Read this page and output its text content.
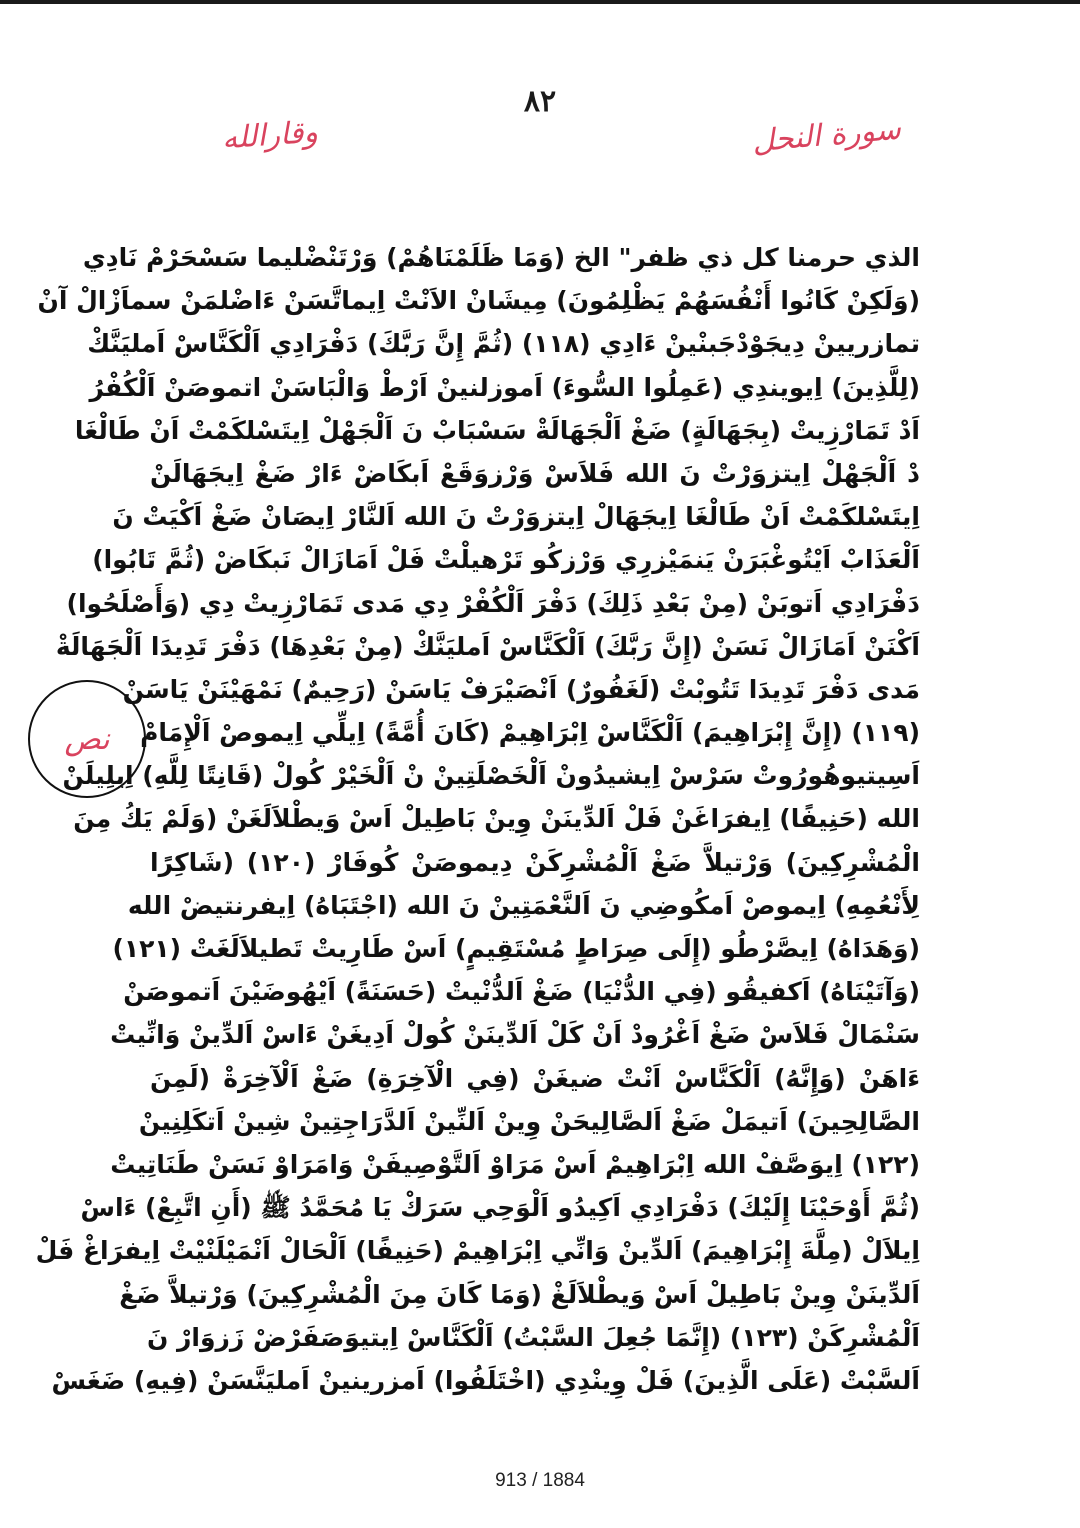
٨٢
وقارالله	سورة النحل
نص
الذي حرمنا كل ذي ظفر" الخ (وَمَا ظَلَمْنَاهُمْ) وَرْتَنْضْليما سَسْحَرْمْ نَادِي
(وَلَكِنْ كَانُوا أَنْفُسَهُمْ يَظْلِمُونَ) مِيشَانْ الاَنْتْ اِيماتَّسَنْ ءَاضْلمَنْ سماَزْالْ آنْ
تمازريينْ دِيجَوْدْجَبنْينْ ءَادِي (١١٨) (ثُمَّ إِنَّ رَبَّكَ) دَفْرَادِي اَلْكَنَّاسْ اَمليَنَّكْ
(لِلَّذِينَ) اِيويندِي (عَمِلُوا السُّوءَ) اَموزلنينْ اَرْطْ وَالْبَاسَنْ اتموصَنْ اَلْكُفْرُ
اَدْ تَمَارْزِيتْ (بِجَهَالَةٍ) ضَغْ اَلْجَهَالَةْ سَسْبَابْ نَ اَلْجَهْلْ اِيتَسْلكَمْتْ اَنْ طَالْغَا
دْ اَلْجَهْلْ اِيتزوَرْتْ نَ الله فَلاَسْ وَرْزوَقَعْ اَبكَاضْ ءَارْ ضَغْ اِيجَهَالَنْ
اِيتَسْلكَمْتْ اَنْ طَالْغَا اِيجَهَالْ اِيتزوَرْتْ نَ الله اَلنَّارْ اِيصَانْ ضَغْ اَكْيَتْ نَ
اَلْعَذَابْ اَيْتُوغْبَرَنْ يَنمَيْزرِي وَرْزكُو تَرْهيلْتْ فَلْ اَمَازَالْ نَبكَاضْ (ثُمَّ تَابُوا)
دَفْرَادِي اَتوبَنْ (مِنْ بَعْدِ ذَلِكَ) دَفْرَ اَلْكُفْرْ دِي مَدى تَمَارْزِيتْ دِي (وَأَصْلَحُوا)
اَكْنَنْ اَمَازَالْ نَسَنْ (إِنَّ رَبَّكَ) اَلْكَنَّاسْ اَمليَنَّكْ (مِنْ بَعْدِهَا) دَفْرَ تَدِيدَا اَلْجَهَالَةْ
مَدى دَفْرَ تَدِيدَا تَتُوبْتْ (لَغَفُورٌ) اَنْصَيْرَفْ يَاسَنْ (رَحِيمٌ) نَمْهَيْنَنْ يَاسَنْ
(١١٩) (إِنَّ إِبْرَاهِيمَ) اَلْكَنَّاسْ اِبْرَاهِيمْ (كَانَ أُمَّةً) اِيلِّي اِيموصْ اَلْإِمَامْ
اَسِيتيوهُورُوتْ سَرْسْ اِيشيدُونْ اَلْخَصْلَتِينْ نْ اَلْخَيْرْ كُولْ (قَانِتًا لِلَّهِ) اِيلِيلَنْ
الله (حَنِيفًا) اِيفرَاغَنْ فَلْ اَلدِّينَنْ وِينْ بَاطِيلْ اَسْ وَيطْلاَلَغَنْ (وَلَمْ يَكُ مِنَ
الْمُشْرِكِينَ) وَرْتيلاَّ ضَغْ اَلْمُشْرِكَنْ دِيموصَنْ كُوفَارْ (١٢٠) (شَاكِرًا
لِأَنْعُمِهِ) اِيموصْ اَمكُوضِي نَ اَلنَّعْمَتِينْ نَ الله (اجْتَبَاهُ) اِيفرنتيضْ الله
(وَهَدَاهُ) اِيصَّرْطُو (إِلَى صِرَاطٍ مُسْتَقِيمٍ) اَسْ طَارِيتْ تَطيلاَلَغَتْ (١٢١)
(وَآتَيْنَاهُ) اَكفيقُو (فِي الدُّنْيَا) ضَغْ اَلدُّنْيتْ (حَسَنَةً) اَيْهُوضَيْنَ اَتموصَنْ
سَنْمَالْ فَلاَسْ ضَغْ اَغْرُودْ اَنْ كَلْ اَلدِّينَنْ كُولْ اَدِيغَنْ ءَاسْ اَلدِّينْ وَانِّيتْ
ءَاهَنْ (وَإِنَّهُ) اَلْكَنَّاسْ اَنْتْ ضيغَنْ (فِي الْآخِرَةِ) ضَغْ اَلْآخِرَةْ (لَمِنَ
الصَّالِحِينَ) اَتيمَلْ ضَغْ اَلصَّالِيحَنْ وِينْ اَلنِّينْ اَلدَّرَاجِتِينْ شِينْ اَتكَلِنِينْ
(١٢٢) اِيوَصَّفْ الله اِبْرَاهِيمْ اَسْ مَرَاوْ اَلتَّوْصِيفَنْ وَامَرَاوْ نَسَنْ طَنَاتِيتْ
(ثُمَّ أَوْحَيْنَا إِلَيْكَ) دَفْرَادِي اَكِيدُو اَلْوَحِي سَرَكْ يَا مُحَمَّدُ ﷺ (أَنِ اتَّبِعْ) ءَاسْ
اِيلاَلْ (مِلَّةَ إِبْرَاهِيمَ) اَلدِّينْ وَانِّي اِبْرَاهِيمْ (حَنِيفًا) اَلْحَالْ اَنْمَيْلَنْيْتْ اِيفرَاغْ فَلْ
اَلدِّينَنْ وِينْ بَاطِيلْ اَسْ وَيطْلاَلَغْ (وَمَا كَانَ مِنَ الْمُشْرِكِينَ) وَرْتيلاَّ ضَغْ
اَلْمُشْرِكَنْ (١٢٣) (إِنَّمَا جُعِلَ السَّبْتُ) اَلْكَنَّاسْ اِيتيوَصَفَرْضْ زَزوَارْ نَ
اَلسَّبْتْ (عَلَى الَّذِينَ) فَلْ وِينْدِي (اخْتَلَفُوا) اَمزرينينْ اَمليَنَّسَنْ (فِيهِ) ضَغَسْ
913 / 1884
